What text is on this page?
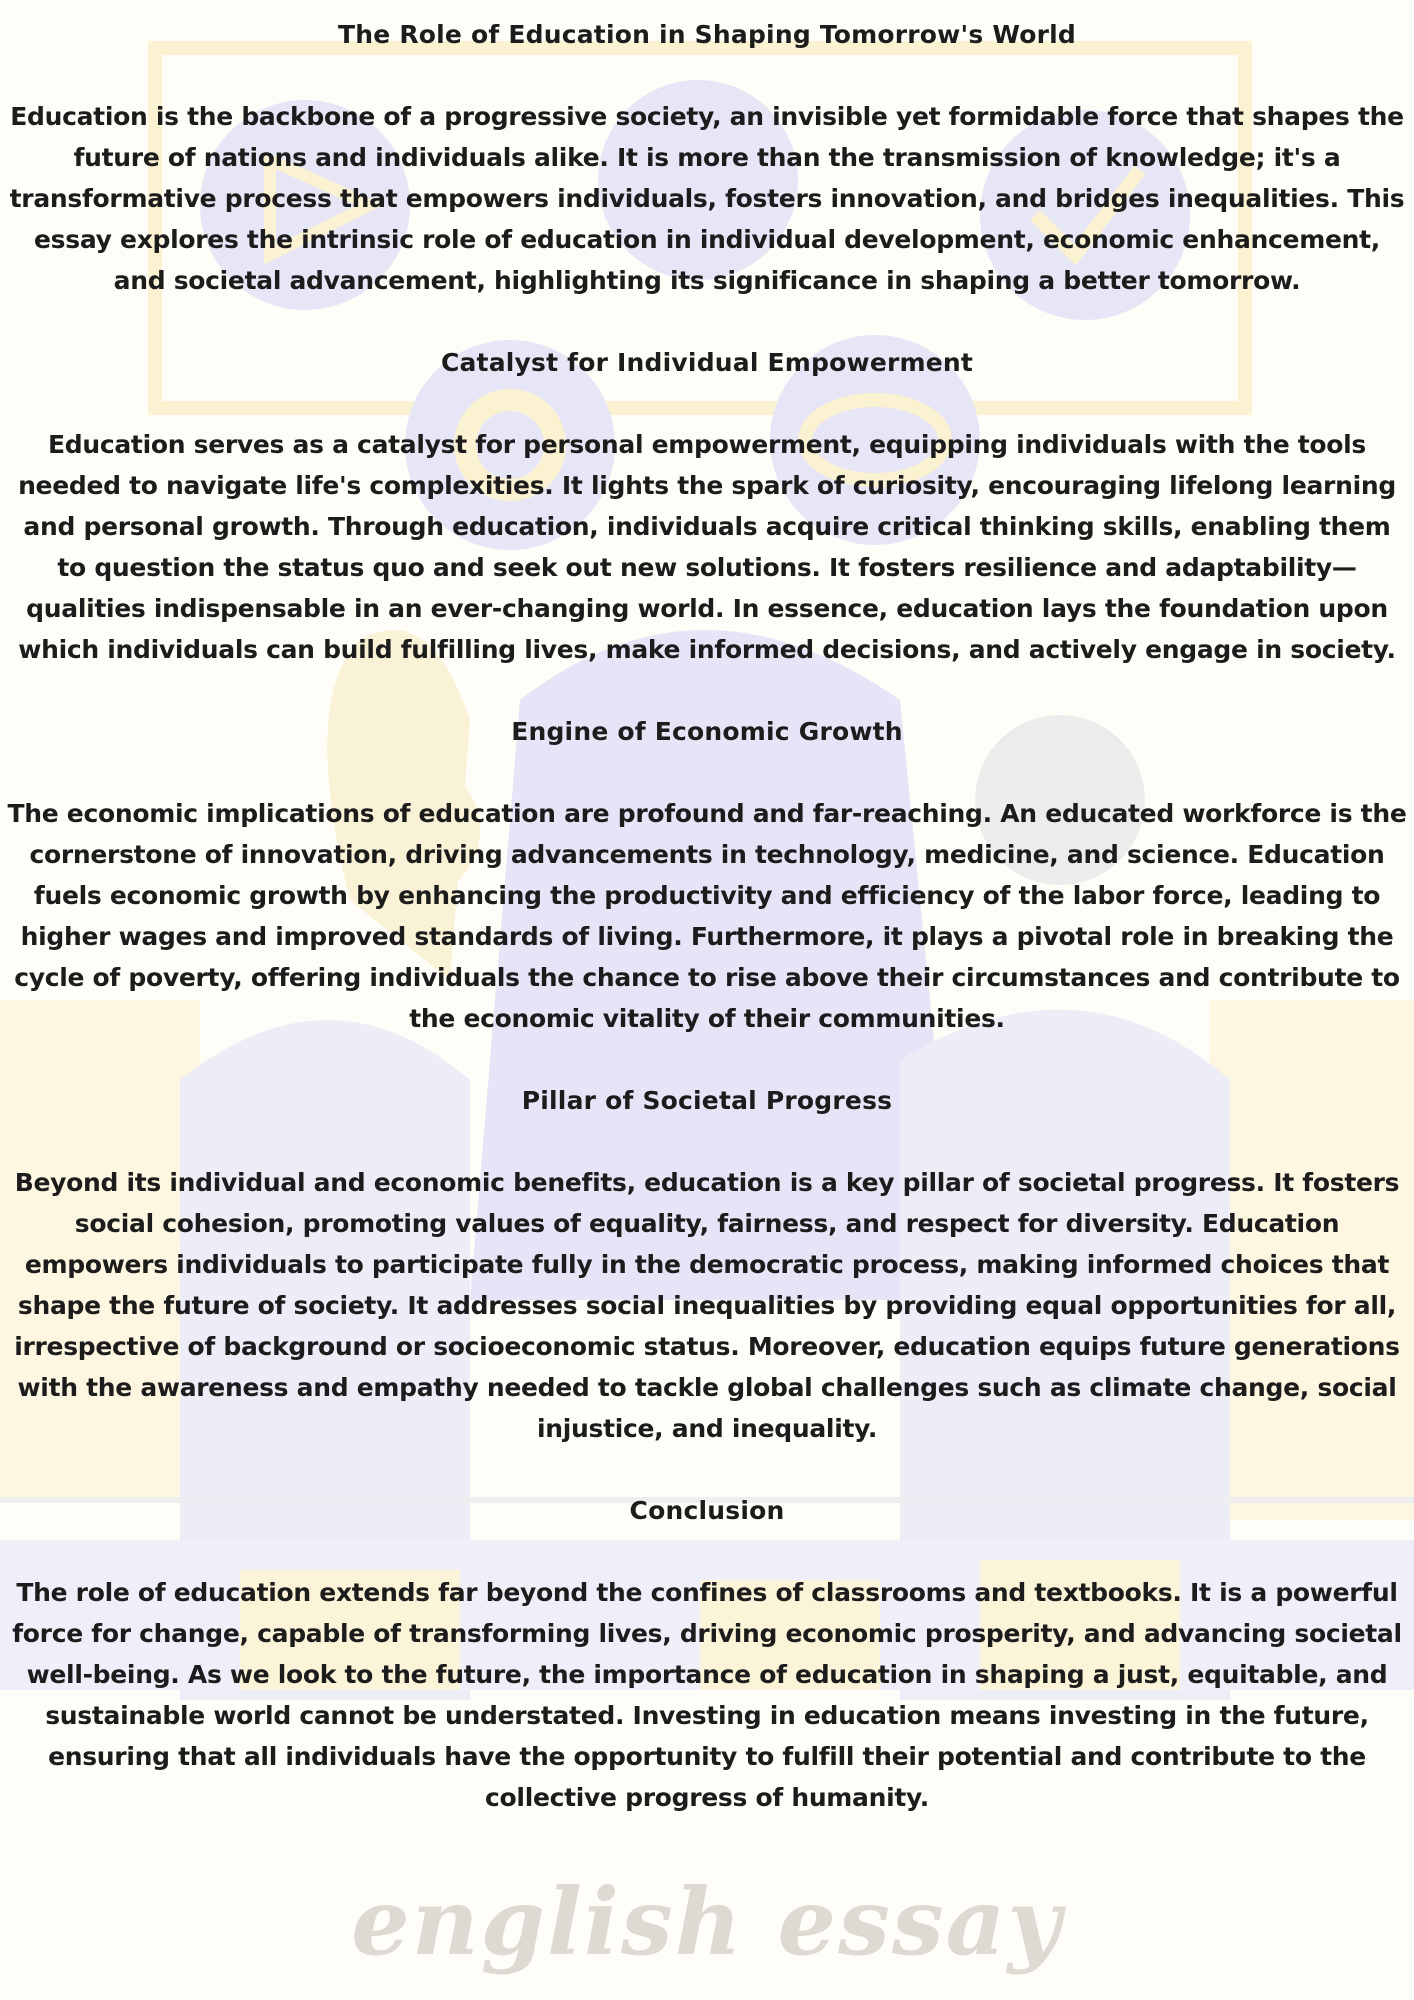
The Role of Education in Shaping Tomorrow's World

Education is the backbone of a progressive society, an invisible yet formidable force that shapes the future of nations and individuals alike. It is more than the transmission of knowledge; it's a transformative process that empowers individuals, fosters innovation, and bridges inequalities. This essay explores the intrinsic role of education in individual development, economic enhancement, and societal advancement, highlighting its significance in shaping a better tomorrow.

Catalyst for Individual Empowerment

Education serves as a catalyst for personal empowerment, equipping individuals with the tools needed to navigate life's complexities. It lights the spark of curiosity, encouraging lifelong learning and personal growth. Through education, individuals acquire critical thinking skills, enabling them to question the status quo and seek out new solutions. It fosters resilience and adaptability—qualities indispensable in an ever-changing world. In essence, education lays the foundation upon which individuals can build fulfilling lives, make informed decisions, and actively engage in society.

Engine of Economic Growth

The economic implications of education are profound and far-reaching. An educated workforce is the cornerstone of innovation, driving advancements in technology, medicine, and science. Education fuels economic growth by enhancing the productivity and efficiency of the labor force, leading to higher wages and improved standards of living. Furthermore, it plays a pivotal role in breaking the cycle of poverty, offering individuals the chance to rise above their circumstances and contribute to the economic vitality of their communities.

Pillar of Societal Progress

Beyond its individual and economic benefits, education is a key pillar of societal progress. It fosters social cohesion, promoting values of equality, fairness, and respect for diversity. Education empowers individuals to participate fully in the democratic process, making informed choices that shape the future of society. It addresses social inequalities by providing equal opportunities for all, irrespective of background or socioeconomic status. Moreover, education equips future generations with the awareness and empathy needed to tackle global challenges such as climate change, social injustice, and inequality.

Conclusion

The role of education extends far beyond the confines of classrooms and textbooks. It is a powerful force for change, capable of transforming lives, driving economic prosperity, and advancing societal well-being. As we look to the future, the importance of education in shaping a just, equitable, and sustainable world cannot be understated. Investing in education means investing in the future, ensuring that all individuals have the opportunity to fulfill their potential and contribute to the collective progress of humanity.

english essay
